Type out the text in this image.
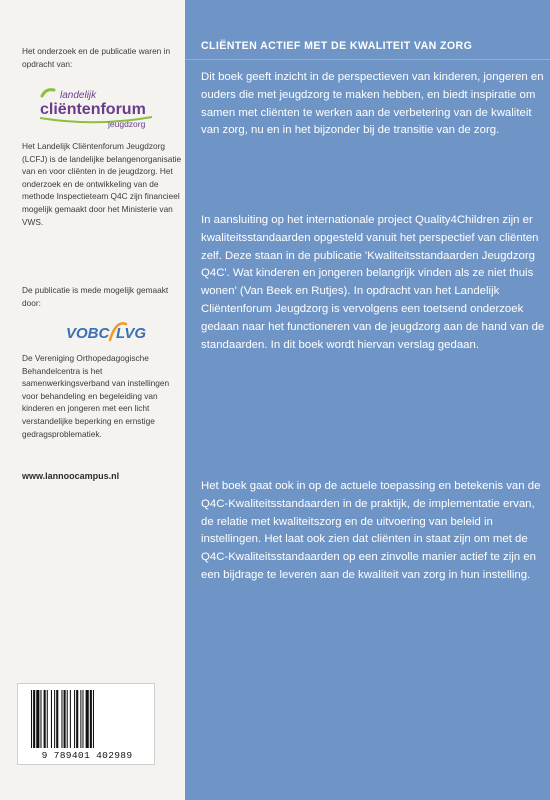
Het onderzoek en de publicatie waren in opdracht van:

landelijk
cliëntenforum
jeugdzorg

Het Landelijk Cliëntenforum Jeugdzorg (LCFJ) is de landelijke belangenorganisatie van en voor cliënten in de jeugdzorg. Het onderzoek en de ontwikkeling van de methode Inspectieteam Q4C zijn financieel mogelijk gemaakt door het Ministerie van VWS.

De publicatie is mede mogelijk gemaakt door:

VOBC LVG

De Vereniging Orthopedagogische Behandelcentra is het samenwerkingsverband van instellingen voor behandeling en begeleiding van kinderen en jongeren met een licht verstandelijke beperking en ernstige gedragsproblematiek.

www.lannoocampus.nl
9 789401 402989
CLIËNTEN ACTIEF MET DE KWALITEIT VAN ZORG

Dit boek geeft inzicht in de perspectieven van kinderen, jongeren en ouders die met jeugdzorg te maken hebben, en biedt inspiratie om samen met cliënten te werken aan de verbetering van de kwaliteit van zorg, nu en in het bijzonder bij de transitie van de zorg.

In aansluiting op het internationale project Quality4Children zijn er kwaliteitsstandaarden opgesteld vanuit het perspectief van cliënten zelf. Deze staan in de publicatie 'Kwaliteitsstandaarden Jeugdzorg Q4C'. Wat kinderen en jongeren belangrijk vinden als ze niet thuis wonen' (Van Beek en Rutjes). In opdracht van het Landelijk Cliëntenforum Jeugdzorg is vervolgens een toetsend onderzoek gedaan naar het functioneren van de jeugdzorg aan de hand van de standaarden. In dit boek wordt hiervan verslag gedaan.

Het boek gaat ook in op de actuele toepassing en betekenis van de Q4C-Kwaliteitsstandaarden in de praktijk, de implementatie ervan, de relatie met kwaliteitszorg en de uitvoering van beleid in instellingen. Het laat ook zien dat cliënten in staat zijn om met de Q4C-Kwaliteitsstandaarden op een zinvolle manier actief te zijn en een bijdrage te leveren aan de kwaliteit van zorg in hun instelling.
